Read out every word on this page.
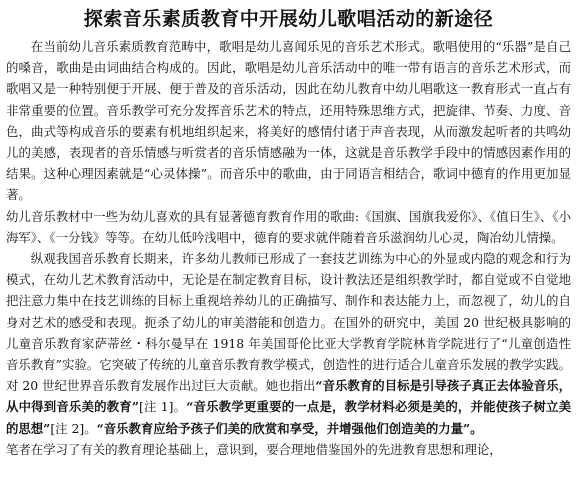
探索音乐素质教育中开展幼儿歌唱活动的新途径

在当前幼儿音乐素质教育范畴中，歌唱是幼儿喜闻乐见的音乐艺术形式。歌唱使用的“乐器”是自己的嗓音，歌曲是由词曲结合构成的。因此，歌唱是幼儿音乐活动中的唯一带有语言的音乐艺术形式，而歌唱又是一种特别便于开展、便于普及的音乐活动，因此在幼儿教育中幼儿唱歌这一教育形式一直占有非常重要的位置。音乐教学可充分发挥音乐艺术的特点，还用特殊思维方式，把旋律、节奏、力度、音色，曲式等构成音乐的要素有机地组织起来，将美好的感情付诸于声音表现，从而激发起听者的共鸣幼儿的美感，表现者的音乐情感与听赏者的音乐情感融为一体，这就是音乐教学手段中的情感因素作用的结果。这种心理因素就是“心灵体操”。而音乐中的歌曲，由于同语言相结合，歌词中德育的作用更加显著。

幼儿音乐教材中一些为幼儿喜欢的具有显著德育教育作用的歌曲:《国旗、国旗我爱你》、《值日生》、《小海军》、《一分钱》等等。在幼儿低吟浅唱中，德育的要求就伴随着音乐滋润幼儿心灵，陶冶幼儿情操。

纵观我国音乐教育长期来，许多幼儿教师已形成了一套技艺训练为中心的外显或内隐的观念和行为模式，在幼儿艺术教育活动中，无论是在制定教育目标，设计教法还是组织教学时，都自觉或不自觉地把注意力集中在技艺训练的目标上重视培养幼儿的正确描写、制作和表达能力上，而忽视了，幼儿的自身对艺术的感受和表现。扼杀了幼儿的审美潜能和创造力。在国外的研究中，美国 20 世纪极具影响的儿童音乐教育家萨蒂丝・科尔曼早在 1918 年美国哥伦比亚大学教育学院林肯学院进行了“儿童创造性音乐教育”实验。它突破了传统的儿童音乐教育教学模式，创造性的进行适合儿童音乐发展的教学实践。对 20 世纪世界音乐教育发展作出过巨大贡献。她也指出“音乐教育的目标是引导孩子真正去体验音乐，从中得到音乐美的教育”[注 1]。“音乐教学更重要的一点是，教学材料必须是美的，并能使孩子树立美的思想”[注 2]。“音乐教育应给予孩子们美的欣赏和享受，并增强他们创造美的力量”。

笔者在学习了有关的教育理论基础上，意识到，要合理地借鉴国外的先进教育思想和理论，
